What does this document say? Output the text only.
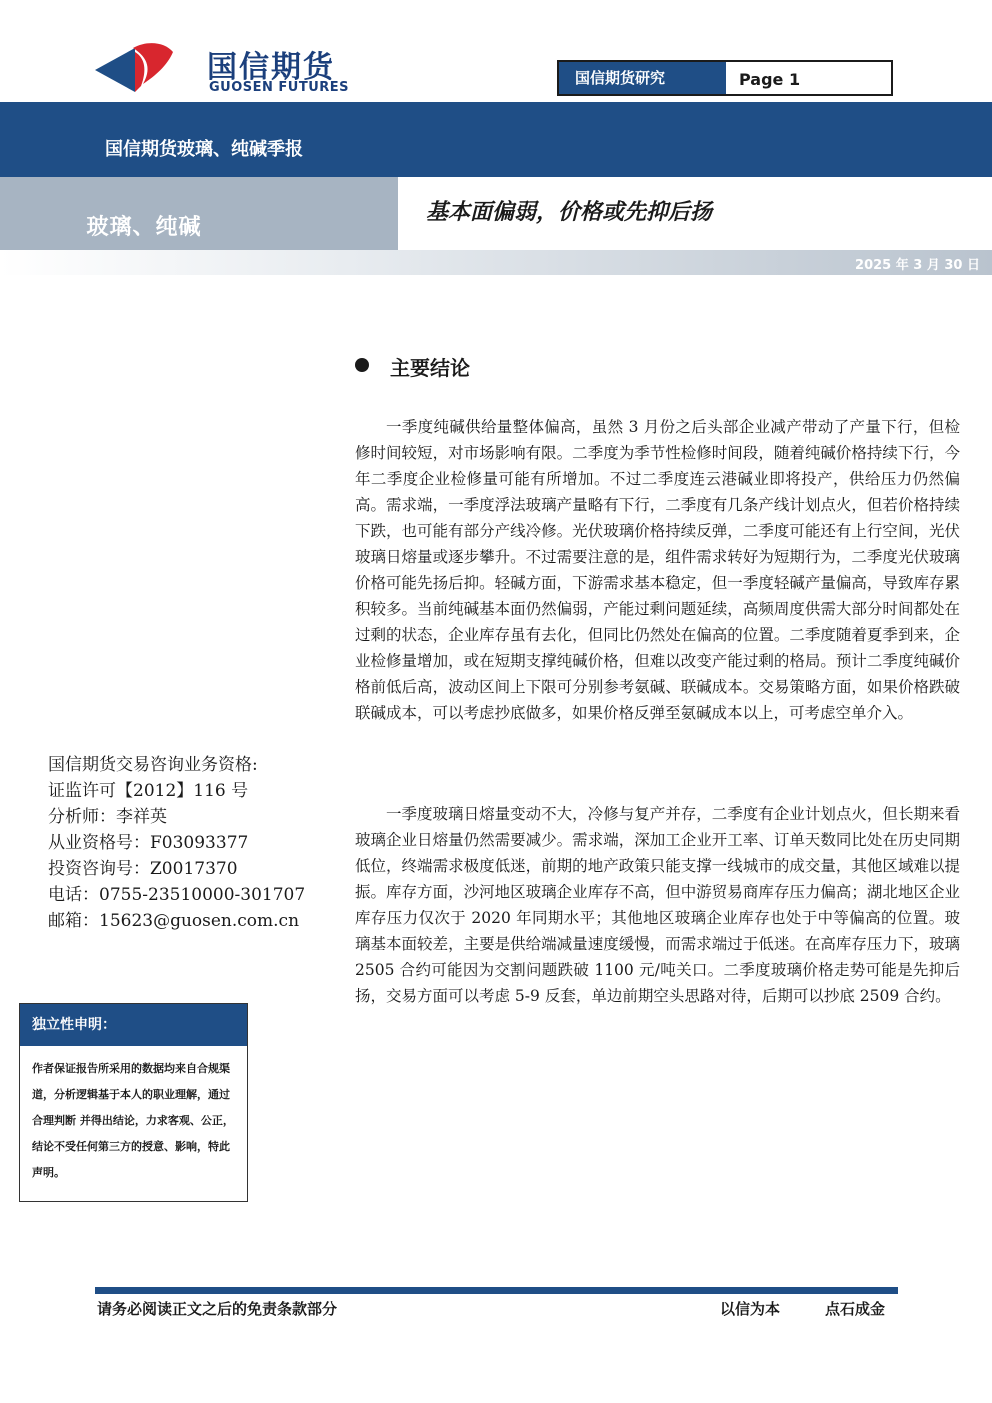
国信期货
GUOSEN FUTURES
国信期货研究	Page 1
国信期货玻璃、纯碱季报
玻璃、纯碱
基本面偏弱，价格或先抑后扬
2025 年 3 月 30 日
主要结论

一季度纯碱供给量整体偏高，虽然 3 月份之后头部企业减产带动了产量下行，但检修时间较短，对市场影响有限。二季度为季节性检修时间段，随着纯碱价格持续下行，今年二季度企业检修量可能有所增加。不过二季度连云港碱业即将投产，供给压力仍然偏高。需求端，一季度浮法玻璃产量略有下行，二季度有几条产线计划点火，但若价格持续下跌，也可能有部分产线冷修。光伏玻璃价格持续反弹，二季度可能还有上行空间，光伏玻璃日熔量或逐步攀升。不过需要注意的是，组件需求转好为短期行为，二季度光伏玻璃价格可能先扬后抑。轻碱方面，下游需求基本稳定，但一季度轻碱产量偏高，导致库存累积较多。当前纯碱基本面仍然偏弱，产能过剩问题延续，高频周度供需大部分时间都处在过剩的状态，企业库存虽有去化，但同比仍然处在偏高的位置。二季度随着夏季到来，企业检修量增加，或在短期支撑纯碱价格，但难以改变产能过剩的格局。预计二季度纯碱价格前低后高，波动区间上下限可分别参考氨碱、联碱成本。交易策略方面，如果价格跌破联碱成本，可以考虑抄底做多，如果价格反弹至氨碱成本以上，可考虑空单介入。

一季度玻璃日熔量变动不大，冷修与复产并存，二季度有企业计划点火，但长期来看玻璃企业日熔量仍然需要减少。需求端，深加工企业开工率、订单天数同比处在历史同期低位，终端需求极度低迷，前期的地产政策只能支撑一线城市的成交量，其他区域难以提振。库存方面，沙河地区玻璃企业库存不高，但中游贸易商库存压力偏高；湖北地区企业库存压力仅次于 2020 年同期水平；其他地区玻璃企业库存也处于中等偏高的位置。玻璃基本面较差，主要是供给端减量速度缓慢，而需求端过于低迷。在高库存压力下，玻璃 2505 合约可能因为交割问题跌破 1100 元/吨关口。二季度玻璃价格走势可能是先抑后扬，交易方面可以考虑 5-9 反套，单边前期空头思路对待，后期可以抄底 2509 合约。

国信期货交易咨询业务资格:
证监许可【2012】116 号
分析师：李祥英
从业资格号：F03093377
投资咨询号：Z0017370
电话：0755-23510000-301707
邮箱：15623@guosen.com.cn
独立性申明：

作者保证报告所采用的数据均来自合规渠道，分析逻辑基于本人的职业理解，通过合理判断 并得出结论，力求客观、公正，结论不受任何第三方的授意、影响，特此声明。

请务必阅读正文之后的免责条款部分	以信为本	点石成金
